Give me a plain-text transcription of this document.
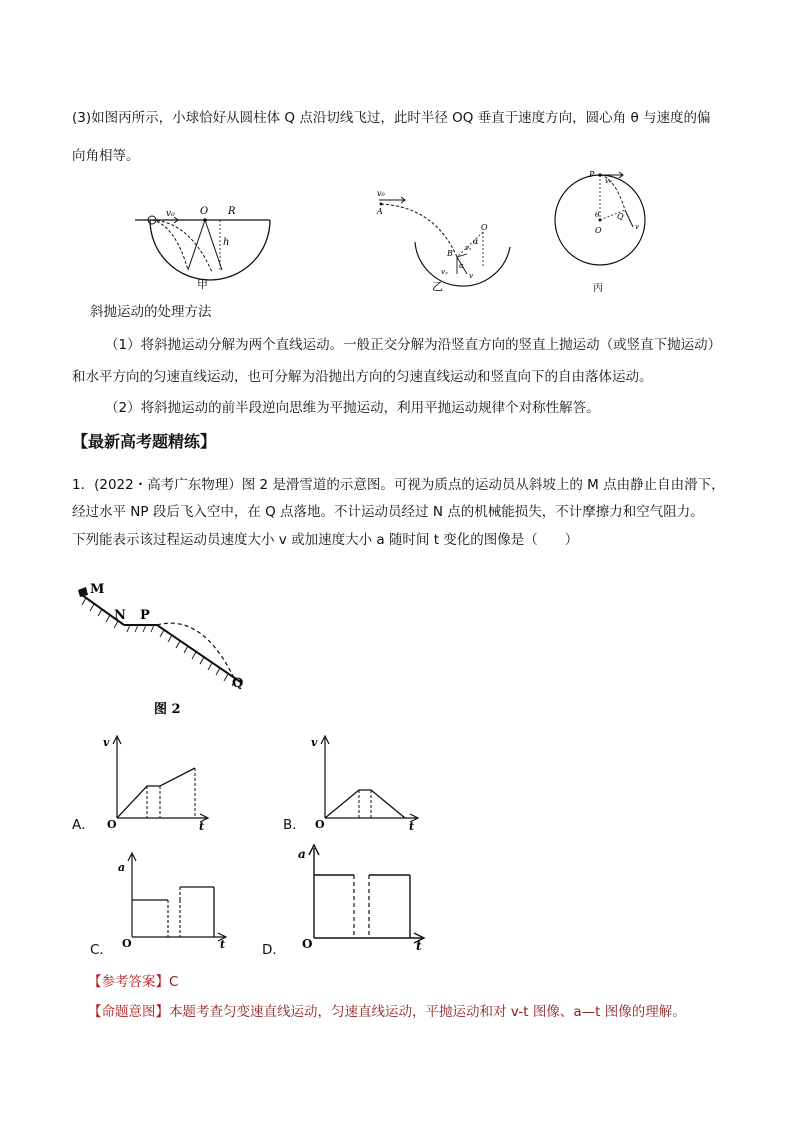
(3)如图丙所示，小球恰好从圆柱体 Q 点沿切线飞过，此时半径 OQ 垂直于速度方向，圆心角 θ 与速度的偏
向角相等。
v₀	O R
h
甲
v₀
A
O
α
B
vₓ
vᵧ	v
α
乙
P
v₀
θ
O
Q
v
丙
斜抛运动的处理方法
（1）将斜抛运动分解为两个直线运动。一般正交分解为沿竖直方向的竖直上抛运动（或竖直下抛运动）
和水平方向的匀速直线运动，也可分解为沿抛出方向的匀速直线运动和竖直向下的自由落体运动。
（2）将斜抛运动的前半段逆向思维为平抛运动，利用平抛运动规律个对称性解答。
【最新高考题精练】
1．(2022・高考广东物理）图 2 是滑雪道的示意图。可视为质点的运动员从斜坡上的 M 点由静止自由滑下，
经过水平 NP 段后飞入空中，在 Q 点落地。不计运动员经过 N 点的机械能损失，不计摩擦力和空气阻力。
下列能表示该过程运动员速度大小 v 或加速度大小 a 随时间 t 变化的图像是（　　）
M
N P
Q
图 2
v
O	t
A．
v
O	t
B．
a
O	t
C．
a
O	t
D．
【参考答案】C
【命题意图】本题考查匀变速直线运动，匀速直线运动，平抛运动和对 v-t 图像、a—t 图像的理解。
